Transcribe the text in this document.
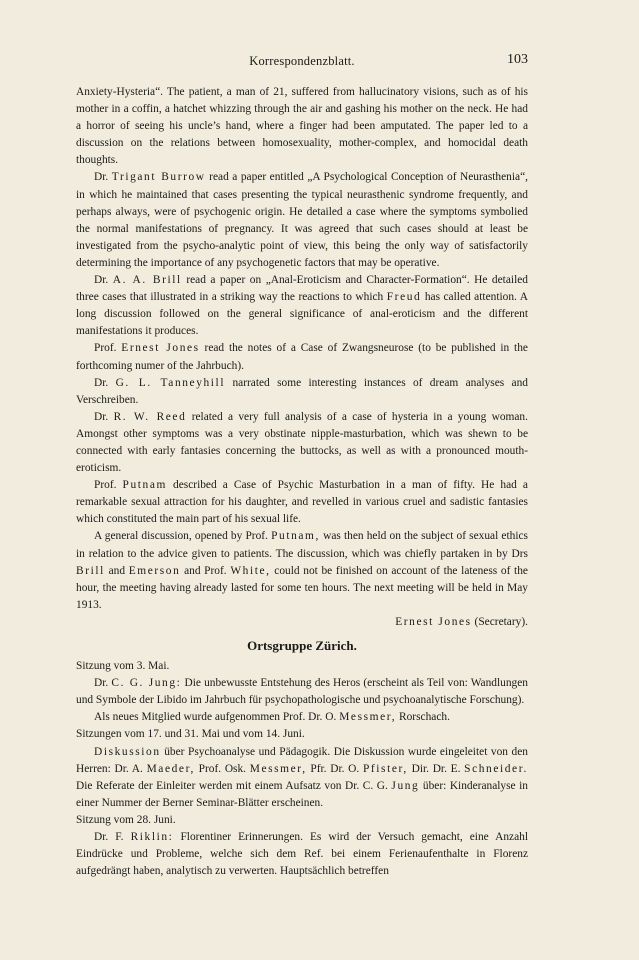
Korrespondenzblatt.	103

Anxiety-Hysteria“. The patient, a man of 21, suffered from hallucinatory visions, such as of his mother in a coffin, a hatchet whizzing through the air and gashing his mother on the neck. He had a horror of seeing his uncle’s hand, where a finger had been amputated. The paper led to a discussion on the relations between homosexuality, mother-complex, and homocidal death thoughts.

Dr. Trigant Burrow read a paper entitled „A Psychological Conception of Neurasthenia“, in which he maintained that cases presenting the typical neurasthenic syndrome frequently, and perhaps always, were of psychogenic origin. He detailed a case where the symptoms symbolied the normal manifestations of pregnancy. It was agreed that such cases should at least be investigated from the psycho-analytic point of view, this being the only way of satisfactorily determining the importance of any psychogenetic factors that may be operative.

Dr. A. A. Brill read a paper on „Anal-Eroticism and Character-Formation“. He detailed three cases that illustrated in a striking way the reactions to which Freud has called attention. A long discussion followed on the general significance of anal-eroticism and the different manifestations it produces.

Prof. Ernest Jones read the notes of a Case of Zwangsneurose (to be published in the forthcoming numer of the Jahrbuch).

Dr. G. L. Tanneyhill narrated some interesting instances of dream analyses and Verschreiben.

Dr. R. W. Reed related a very full analysis of a case of hysteria in a young woman. Amongst other symptoms was a very obstinate nipple-masturbation, which was shewn to be connected with early fantasies concerning the buttocks, as well as with a pronounced mouth-eroticism.

Prof. Putnam described a Case of Psychic Masturbation in a man of fifty. He had a remarkable sexual attraction for his daughter, and revelled in various cruel and sadistic fantasies which constituted the main part of his sexual life.

A general discussion, opened by Prof. Putnam, was then held on the subject of sexual ethics in relation to the advice given to patients. The discussion, which was chiefly partaken in by Drs Brill and Emerson and Prof. White, could not be finished on account of the lateness of the hour, the meeting having already lasted for some ten hours. The next meeting will be held in May 1913.

Ernest Jones (Secretary).

Ortsgruppe Zürich.

Sitzung vom 3. Mai.

Dr. C. G. Jung: Die unbewusste Entstehung des Heros (erscheint als Teil von: Wandlungen und Symbole der Libido im Jahrbuch für psychopathologische und psychoanalytische Forschung).

Als neues Mitglied wurde aufgenommen Prof. Dr. O. Messmer, Rorschach.

Sitzungen vom 17. und 31. Mai und vom 14. Juni.

Diskussion über Psychoanalyse und Pädagogik. Die Diskussion wurde eingeleitet von den Herren: Dr. A. Maeder, Prof. Osk. Messmer, Pfr. Dr. O. Pfister, Dir. Dr. E. Schneider. Die Referate der Einleiter werden mit einem Aufsatz von Dr. C. G. Jung über: Kinderanalyse in einer Nummer der Berner Seminar-Blätter erscheinen.

Sitzung vom 28. Juni.

Dr. F. Riklin: Florentiner Erinnerungen. Es wird der Versuch gemacht, eine Anzahl Eindrücke und Probleme, welche sich dem Ref. bei einem Ferienaufenthalte in Florenz aufgedrängt haben, analytisch zu verwerten. Hauptsächlich betreffen
